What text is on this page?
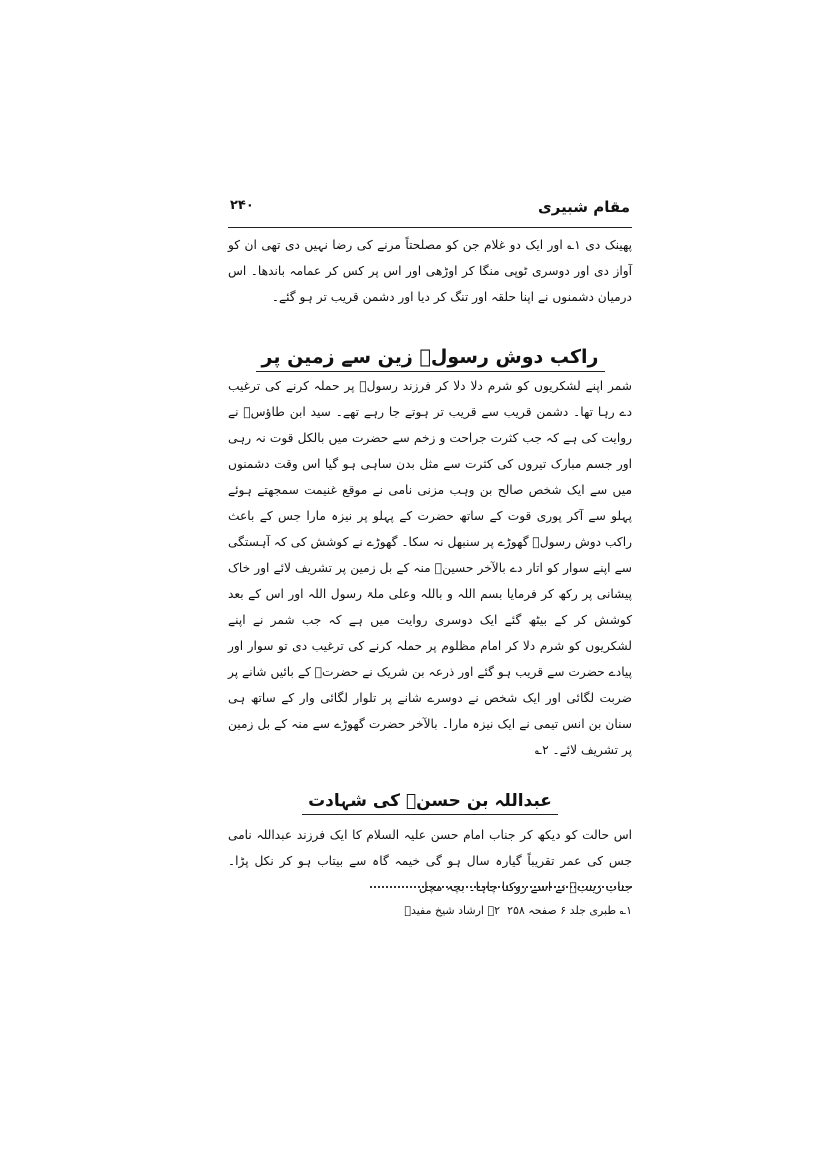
مقام شبیری
۲۴۰

پھینک دی ۱؎ اور ایک دو غلام جن کو مصلحتاً مرنے کی رضا نہیں دی تھی ان کو آواز دی اور دوسری ٹوپی منگا کر اوڑھی اور اس پر کس کر عمامہ باندھا۔ اس درمیان دشمنوں نے اپنا حلقہ اور تنگ کر دیا اور دشمن قریب تر ہو گئے۔

راکب دوش رسولؐ زین سے زمین پر

شمر اپنے لشکریوں کو شرم دلا دلا کر فرزند رسولؐ پر حملہ کرنے کی ترغیب دے رہا تھا۔ دشمن قریب سے قریب تر ہوتے جا رہے تھے۔ سید ابن طاؤسؒ نے روایت کی ہے کہ جب کثرت جراحت و زخم سے حضرت میں بالکل قوت نہ رہی اور جسم مبارک تیروں کی کثرت سے مثل بدن ساہی ہو گیا اس وقت دشمنوں میں سے ایک شخص صالح بن وہب مزنی نامی نے موقع غنیمت سمجھتے ہوئے پہلو سے آکر پوری قوت کے ساتھ حضرت کے پہلو پر نیزہ مارا جس کے باعث راکب دوش رسولؐ گھوڑے پر سنبھل نہ سکا۔ گھوڑے نے کوشش کی کہ آہستگی سے اپنے سوار کو اتار دے بالآخر حسینؑ منہ کے بل زمین پر تشریف لائے اور خاک پیشانی پر رکھ کر فرمایا بسم اللہ و باللہ وعلی ملۃ رسول اللہ اور اس کے بعد کوشش کر کے بیٹھ گئے ایک دوسری روایت میں ہے کہ جب شمر نے اپنے لشکریوں کو شرم دلا کر امام مظلوم پر حملہ کرنے کی ترغیب دی تو سوار اور پیادے حضرت سے قریب ہو گئے اور ذرعہ بن شریک نے حضرتؑ کے بائیں شانے پر ضربت لگائی اور ایک شخص نے دوسرے شانے پر تلوار لگائی وار کے ساتھ ہی سنان بن انس تیمی نے ایک نیزہ مارا۔ بالآخر حضرت گھوڑے سے منہ کے بل زمین پر تشریف لائے۔ ۲؎

عبداللہ بن حسنؑ کی شہادت

اس حالت کو دیکھ کر جناب امام حسن علیہ السلام کا ایک فرزند عبداللہ نامی جس کی عمر تقریباً گیارہ سال ہو گی خیمہ گاہ سے بیتاب ہو کر نکل پڑا۔ جناب زینبؑ نے اسے روکنا چاہا۔ بچہ مچل

۱؎ طبری جلد ۶ صفحہ ۲۵۸
۲؎ ارشاد شیخ مفیدؒ
